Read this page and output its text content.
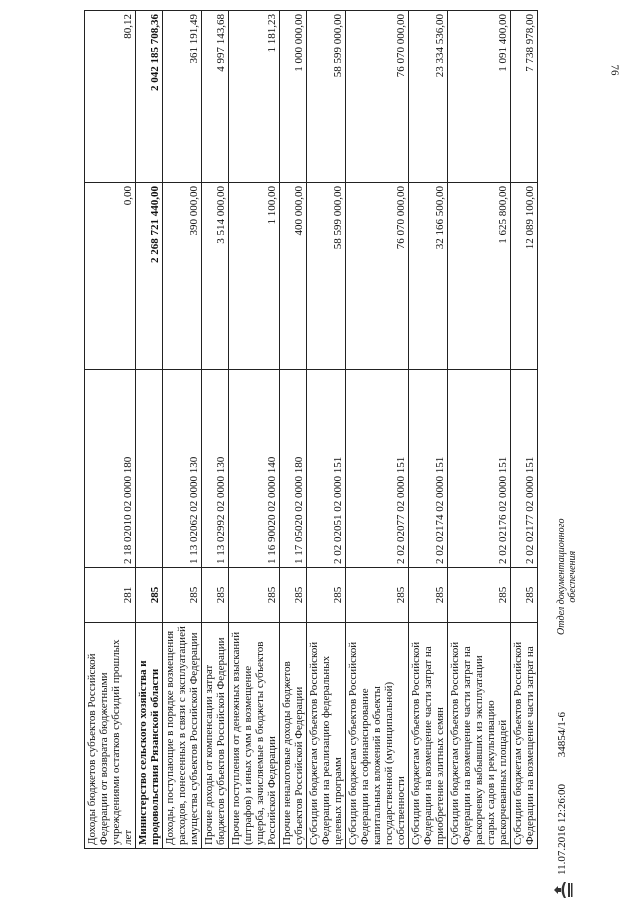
76
Доходы бюджетов субъектов Российской Федерации от возврата бюджетными учреждениями остатков субсидий прошлых лет	281	2 18 02010 02 0000 180	0,00	80,12
Министерство сельского хозяйства и продовольствия Рязанской области	285		2 268 721 440,00	2 042 185 708,36
Доходы, поступающие в порядке возмещения расходов, понесенных в связи с эксплуатацией имущества субъектов Российской Федерации	285	1 13 02062 02 0000 130	390 000,00	361 191,49
Прочие доходы от компенсации затрат бюджетов субъектов Российской Федерации	285	1 13 02992 02 0000 130	3 514 000,00	4 997 143,68
Прочие поступления от денежных взысканий (штрафов) и иных сумм в возмещение ущерба, зачисляемые в бюджеты субъектов Российской Федерации	285	1 16 90020 02 0000 140	1 100,00	1 181,23
Прочие неналоговые доходы бюджетов субъектов Российской Федерации	285	1 17 05020 02 0000 180	400 000,00	1 000 000,00
Субсидии бюджетам субъектов Российской Федерации на реализацию федеральных целевых программ	285	2 02 02051 02 0000 151	58 599 000,00	58 599 000,00
Субсидии бюджетам субъектов Российской Федерации на софинансирование капитальных вложений в объекты государственной (муниципальной) собственности	285	2 02 02077 02 0000 151	76 070 000,00	76 070 000,00
Субсидии бюджетам субъектов Российской Федерации на возмещение части затрат на приобретение элитных семян	285	2 02 02174 02 0000 151	32 166 500,00	23 334 536,00
Субсидии бюджетам субъектов Российской Федерации на возмещение части затрат на раскорчевку выбывших из эксплуатации старых садов и рекультивацию раскорчеванных площадей	285	2 02 02176 02 0000 151	1 625 800,00	1 091 400,00
Субсидии бюджетам субъектов Российской Федерации на возмещение части затрат на	285	2 02 02177 02 0000 151	12 089 100,00	7 738 978,00
11.07.2016 12:26:00 34854/1-6
Отдел документационного обеспечения
